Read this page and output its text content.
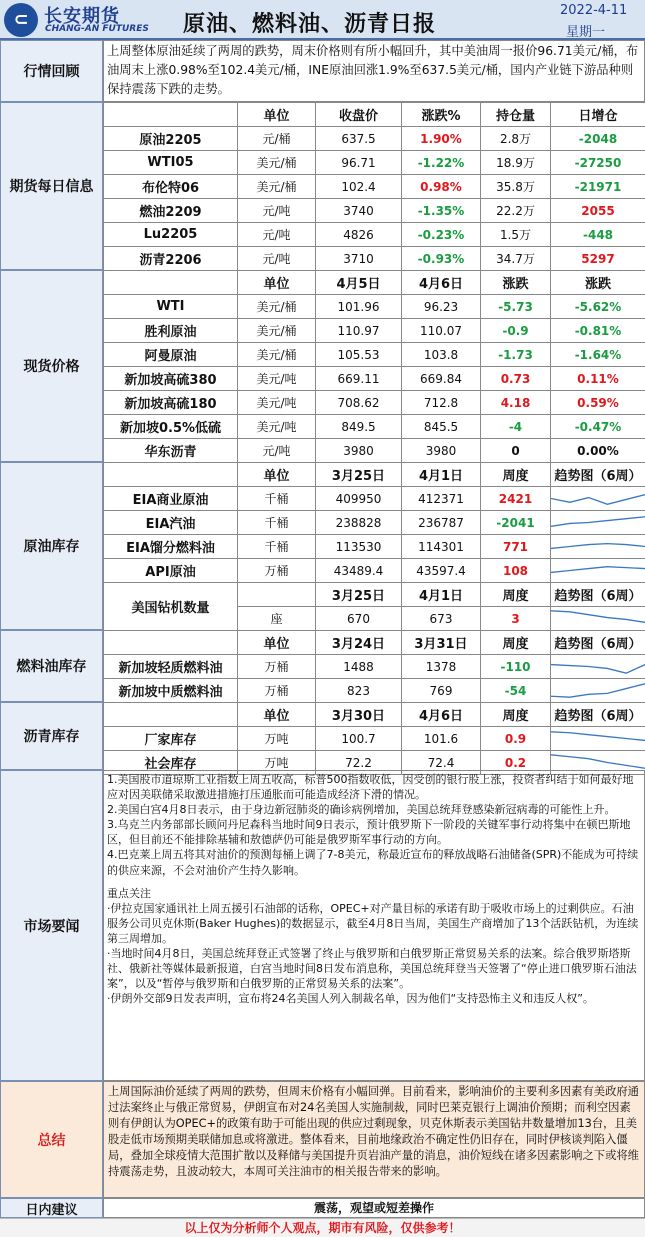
⊂ 长安期货
CHANG-AN FUTURES 原油、燃料油、沥青日报
2022-4-11
星期一
行情回顾
上周整体原油延续了两周的跌势，周末价格则有所小幅回升，其中美油周一报价96.71美元/桶，布油周末上涨0.98%至102.4美元/桶，INE原油回涨1.9%至637.5美元/桶，国内产业链下游品种则保持震荡下跌的走势。
期货每日信息
	单位	收盘价	涨跌%	持仓量	日增仓
原油2205	元/桶	637.5	1.90%	2.8万	-2048
WTI05	美元/桶	96.71	-1.22%	18.9万	-27250
布伦特06	美元/桶	102.4	0.98%	35.8万	-21971
燃油2209	元/吨	3740	-1.35%	22.2万	2055
Lu2205	元/吨	4826	-0.23%	1.5万	-448
沥青2206	元/吨	3710	-0.93%	34.7万	5297
现货价格
	单位	4月5日	4月6日	涨跌	涨跌
WTI	美元/桶	101.96	96.23	-5.73	-5.62%
胜利原油	美元/桶	110.97	110.07	-0.9	-0.81%
阿曼原油	美元/桶	105.53	103.8	-1.73	-1.64%
新加坡高硫380	美元/吨	669.11	669.84	0.73	0.11%
新加坡高硫180	美元/吨	708.62	712.8	4.18	0.59%
新加坡0.5%低硫	美元/吨	849.5	845.5	-4	-0.47%
华东沥青	元/吨	3980	3980	0	0.00%
原油库存
	单位	3月25日	4月1日	周度	趋势图（6周）
EIA商业原油	千桶	409950	412371	2421	

EIA汽油	千桶	238828	236787	-2041	

EIA馏分燃料油	千桶	113530	114301	771	

API原油	万桶	43489.4	43597.4	108	

美国钻机数量		3月25日	4月1日	周度	趋势图（6周）
	座	670	673	3	
燃料油库存
	单位	3月24日	3月31日	周度	趋势图（6周）
新加坡轻质燃料油	万桶	1488	1378	-110	

新加坡中质燃料油	万桶	823	769	-54	
沥青库存
	单位	3月30日	4月6日	周度	趋势图（6周）
厂家库存	万吨	100.7	101.6	0.9	

社会库存	万吨	72.2	72.4	0.2	
市场要闻

1.美国股市道琼斯工业指数上周五收高，标普500指数收低，因受创的银行股上涨，投资者纠结于如何最好地应对因美联储采取激进措施打压通胀而可能造成经济下滑的情况。

2.美国白宫4月8日表示，由于身边新冠肺炎的确诊病例增加，美国总统拜登感染新冠病毒的可能性上升。

3.乌克兰内务部部长顾问丹尼森科当地时间9日表示，预计俄罗斯下一阶段的关键军事行动将集中在顿巴斯地区，但目前还不能排除基辅和敖德萨仍可能是俄罗斯军事行动的方向。

4.巴克莱上周五将其对油价的预测每桶上调了7-8美元，称最近宣布的释放战略石油储备(SPR)不能成为可持续的供应来源，不会对油价产生持久影响。

重点关注

·伊拉克国家通讯社上周五援引石油部的话称，OPEC+对产量目标的承诺有助于吸收市场上的过剩供应。石油服务公司贝克休斯(Baker Hughes)的数据显示，截至4月8日当周，美国生产商增加了13个活跃钻机，为连续第三周增加。

·当地时间4月8日，美国总统拜登正式签署了终止与俄罗斯和白俄罗斯正常贸易关系的法案。综合俄罗斯塔斯社、俄新社等媒体最新报道，白宫当地时间8日发布消息称，美国总统拜登当天签署了“停止进口俄罗斯石油法案”，以及“暂停与俄罗斯和白俄罗斯的正常贸易关系的法案”。

·伊朗外交部9日发表声明，宣布将24名美国人列入制裁名单，因为他们“支持恐怖主义和违反人权”。

总结
上周国际油价延续了两周的跌势，但周末价格有小幅回弹。目前看来，影响油价的主要利多因素有美政府通过法案终止与俄正常贸易，伊朗宣布对24名美国人实施制裁，同时巴莱克银行上调油价预期；而利空因素则有伊朗认为OPEC+的政策有助于可能出现的供应过剩现象，贝克休斯表示美国钻井数量增加13台，且美股走低市场预期美联储加息或将激进。整体看来，目前地缘政治不确定性仍旧存在，同时伊核谈判陷入僵局，叠加全球疫情大范围扩散以及释储与美国提升页岩油产量的消息，油价短线在诸多因素影响之下或将维持震荡走势，且波动较大，本周可关注油市的相关报告带来的影响。
日内建议	震荡，观望或短差操作
以上仅为分析师个人观点，期市有风险，仅供参考！
